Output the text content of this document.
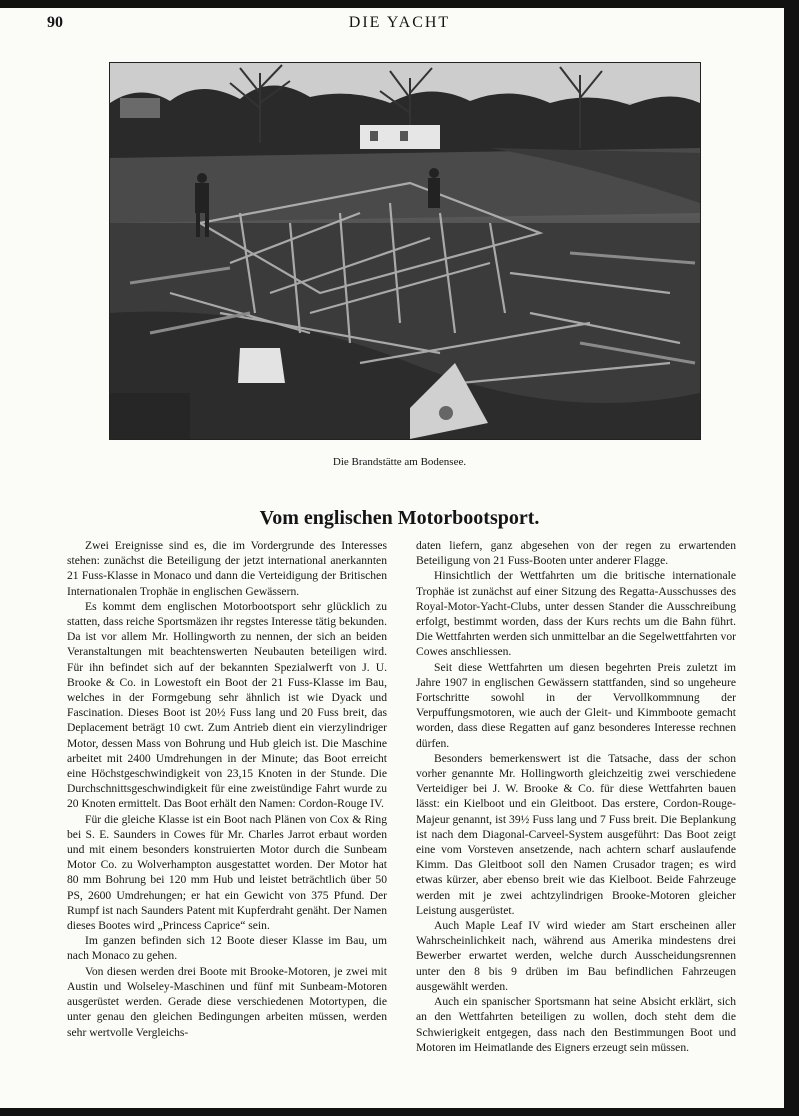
90	DIE YACHT
Die Brandstätte am Bodensee.
Vom englischen Motorbootsport.

Zwei Ereignisse sind es, die im Vordergrunde des Interesses stehen: zunächst die Beteiligung der jetzt international anerkannten 21 Fuss-Klasse in Monaco und dann die Verteidigung der Britischen Internationalen Trophäe in englischen Gewässern.

Es kommt dem englischen Motorbootsport sehr glücklich zu statten, dass reiche Sportsmäzen ihr regstes Interesse tätig bekunden. Da ist vor allem Mr. Hollingworth zu nennen, der sich an beiden Veranstaltungen mit beachtenswerten Neubauten beteiligen wird. Für ihn befindet sich auf der bekannten Spezialwerft von J. U. Brooke & Co. in Lowestoft ein Boot der 21 Fuss-Klasse im Bau, welches in der Formgebung sehr ähnlich ist wie Dyack und Fascination. Dieses Boot ist 20½ Fuss lang und 20 Fuss breit, das Deplacement beträgt 10 cwt. Zum Antrieb dient ein vierzylindriger Motor, dessen Mass von Bohrung und Hub gleich ist. Die Maschine arbeitet mit 2400 Umdrehungen in der Minute; das Boot erreicht eine Höchstgeschwindigkeit von 23,15 Knoten in der Stunde. Die Durchschnittsgeschwindigkeit für eine zweistündige Fahrt wurde zu 20 Knoten ermittelt. Das Boot erhält den Namen: Cordon-Rouge IV.

Für die gleiche Klasse ist ein Boot nach Plänen von Cox & Ring bei S. E. Saunders in Cowes für Mr. Charles Jarrot erbaut worden und mit einem besonders konstruierten Motor durch die Sunbeam Motor Co. zu Wolverhampton ausgestattet worden. Der Motor hat 80 mm Bohrung bei 120 mm Hub und leistet beträchtlich über 50 PS, 2600 Umdrehungen; er hat ein Gewicht von 375 Pfund. Der Rumpf ist nach Saunders Patent mit Kupferdraht genäht. Der Namen dieses Bootes wird „Princess Caprice“ sein.

Im ganzen befinden sich 12 Boote dieser Klasse im Bau, um nach Monaco zu gehen.

Von diesen werden drei Boote mit Brooke-Motoren, je zwei mit Austin und Wolseley-Maschinen und fünf mit Sunbeam-Motoren ausgerüstet werden. Gerade diese verschiedenen Motortypen, die unter genau den gleichen Bedingungen arbeiten müssen, werden sehr wertvolle Vergleichs-

daten liefern, ganz abgesehen von der regen zu erwartenden Beteiligung von 21 Fuss-Booten unter anderer Flagge.

Hinsichtlich der Wettfahrten um die britische internationale Trophäe ist zunächst auf einer Sitzung des Regatta-Ausschusses des Royal-Motor-Yacht-Clubs, unter dessen Stander die Ausschreibung erfolgt, bestimmt worden, dass der Kurs rechts um die Bahn führt. Die Wettfahrten werden sich unmittelbar an die Segelwettfahrten vor Cowes anschliessen.

Seit diese Wettfahrten um diesen begehrten Preis zuletzt im Jahre 1907 in englischen Gewässern stattfanden, sind so ungeheure Fortschritte sowohl in der Vervollkommnung der Verpuffungsmotoren, wie auch der Gleit- und Kimmboote gemacht worden, dass diese Regatten auf ganz besonderes Interesse rechnen dürfen.

Besonders bemerkenswert ist die Tatsache, dass der schon vorher genannte Mr. Hollingworth gleichzeitig zwei verschiedene Verteidiger bei J. W. Brooke & Co. für diese Wettfahrten bauen lässt: ein Kielboot und ein Gleitboot. Das erstere, Cordon-Rouge-Majeur genannt, ist 39½ Fuss lang und 7 Fuss breit. Die Beplankung ist nach dem Diagonal-Carveel-System ausgeführt: Das Boot zeigt eine vom Vorsteven ansetzende, nach achtern scharf auslaufende Kimm. Das Gleitboot soll den Namen Crusador tragen; es wird etwas kürzer, aber ebenso breit wie das Kielboot. Beide Fahrzeuge werden mit je zwei achtzylindrigen Brooke-Motoren gleicher Leistung ausgerüstet.

Auch Maple Leaf IV wird wieder am Start erscheinen aller Wahrscheinlichkeit nach, während aus Amerika mindestens drei Bewerber erwartet werden, welche durch Ausscheidungsrennen unter den 8 bis 9 drüben im Bau befindlichen Fahrzeugen ausgewählt werden.

Auch ein spanischer Sportsmann hat seine Absicht erklärt, sich an den Wettfahrten beteiligen zu wollen, doch steht dem die Schwierigkeit entgegen, dass nach den Bestimmungen Boot und Motoren im Heimatlande des Eigners erzeugt sein müssen.
